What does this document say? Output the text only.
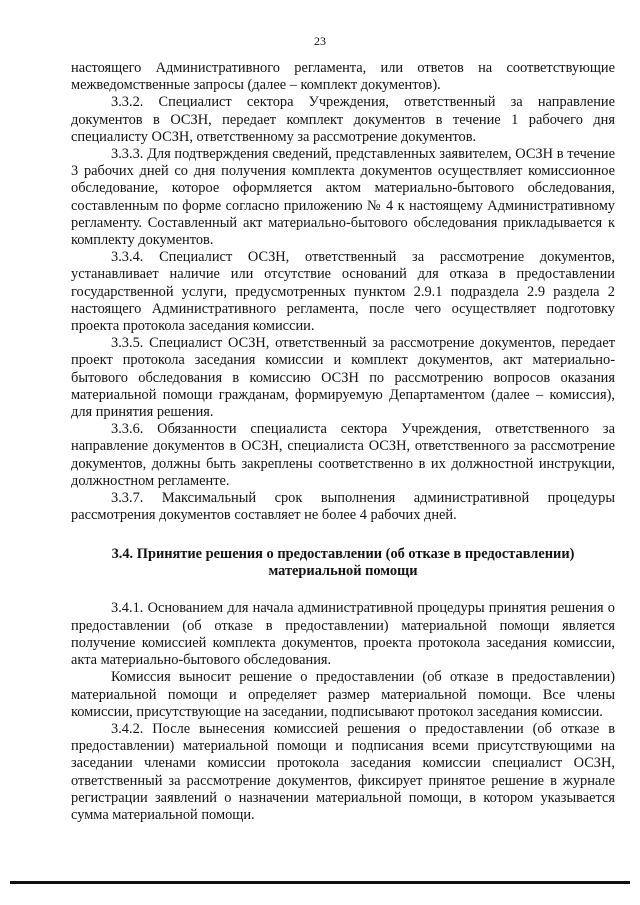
23

настоящего Административного регламента, или ответов на соответствующие межведомственные запросы (далее – комплект документов).

3.3.2. Специалист сектора Учреждения, ответственный за направление документов в ОСЗН, передает комплект документов в течение 1 рабочего дня специалисту ОСЗН, ответственному за рассмотрение документов.

3.3.3. Для подтверждения сведений, представленных заявителем, ОСЗН в течение 3 рабочих дней со дня получения комплекта документов осуществляет комиссионное обследование, которое оформляется актом материально-бытового обследования, составленным по форме согласно приложению № 4 к настоящему Административному регламенту. Составленный акт материально-бытового обследования прикладывается к комплекту документов.

3.3.4. Специалист ОСЗН, ответственный за рассмотрение документов, устанавливает наличие или отсутствие оснований для отказа в предоставлении государственной услуги, предусмотренных пунктом 2.9.1 подраздела 2.9 раздела 2 настоящего Административного регламента, после чего осуществляет подготовку проекта протокола заседания комиссии.

3.3.5. Специалист ОСЗН, ответственный за рассмотрение документов, передает проект протокола заседания комиссии и комплект документов, акт материально-бытового обследования в комиссию ОСЗН по рассмотрению вопросов оказания материальной помощи гражданам, формируемую Департаментом (далее – комиссия), для принятия решения.

3.3.6. Обязанности специалиста сектора Учреждения, ответственного за направление документов в ОСЗН, специалиста ОСЗН, ответственного за рассмотрение документов, должны быть закреплены соответственно в их должностной инструкции, должностном регламенте.

3.3.7. Максимальный срок выполнения административной процедуры рассмотрения документов составляет не более 4 рабочих дней.

3.4. Принятие решения о предоставлении (об отказе в предоставлении) материальной помощи

3.4.1. Основанием для начала административной процедуры принятия решения о предоставлении (об отказе в предоставлении) материальной помощи является получение комиссией комплекта документов, проекта протокола заседания комиссии, акта материально-бытового обследования.

Комиссия выносит решение о предоставлении (об отказе в предоставлении) материальной помощи и определяет размер материальной помощи. Все члены комиссии, присутствующие на заседании, подписывают протокол заседания комиссии.

3.4.2. После вынесения комиссией решения о предоставлении (об отказе в предоставлении) материальной помощи и подписания всеми присутствующими на заседании членами комиссии протокола заседания комиссии специалист ОСЗН, ответственный за рассмотрение документов, фиксирует принятое решение в журнале регистрации заявлений о назначении материальной помощи, в котором указывается сумма материальной помощи.
